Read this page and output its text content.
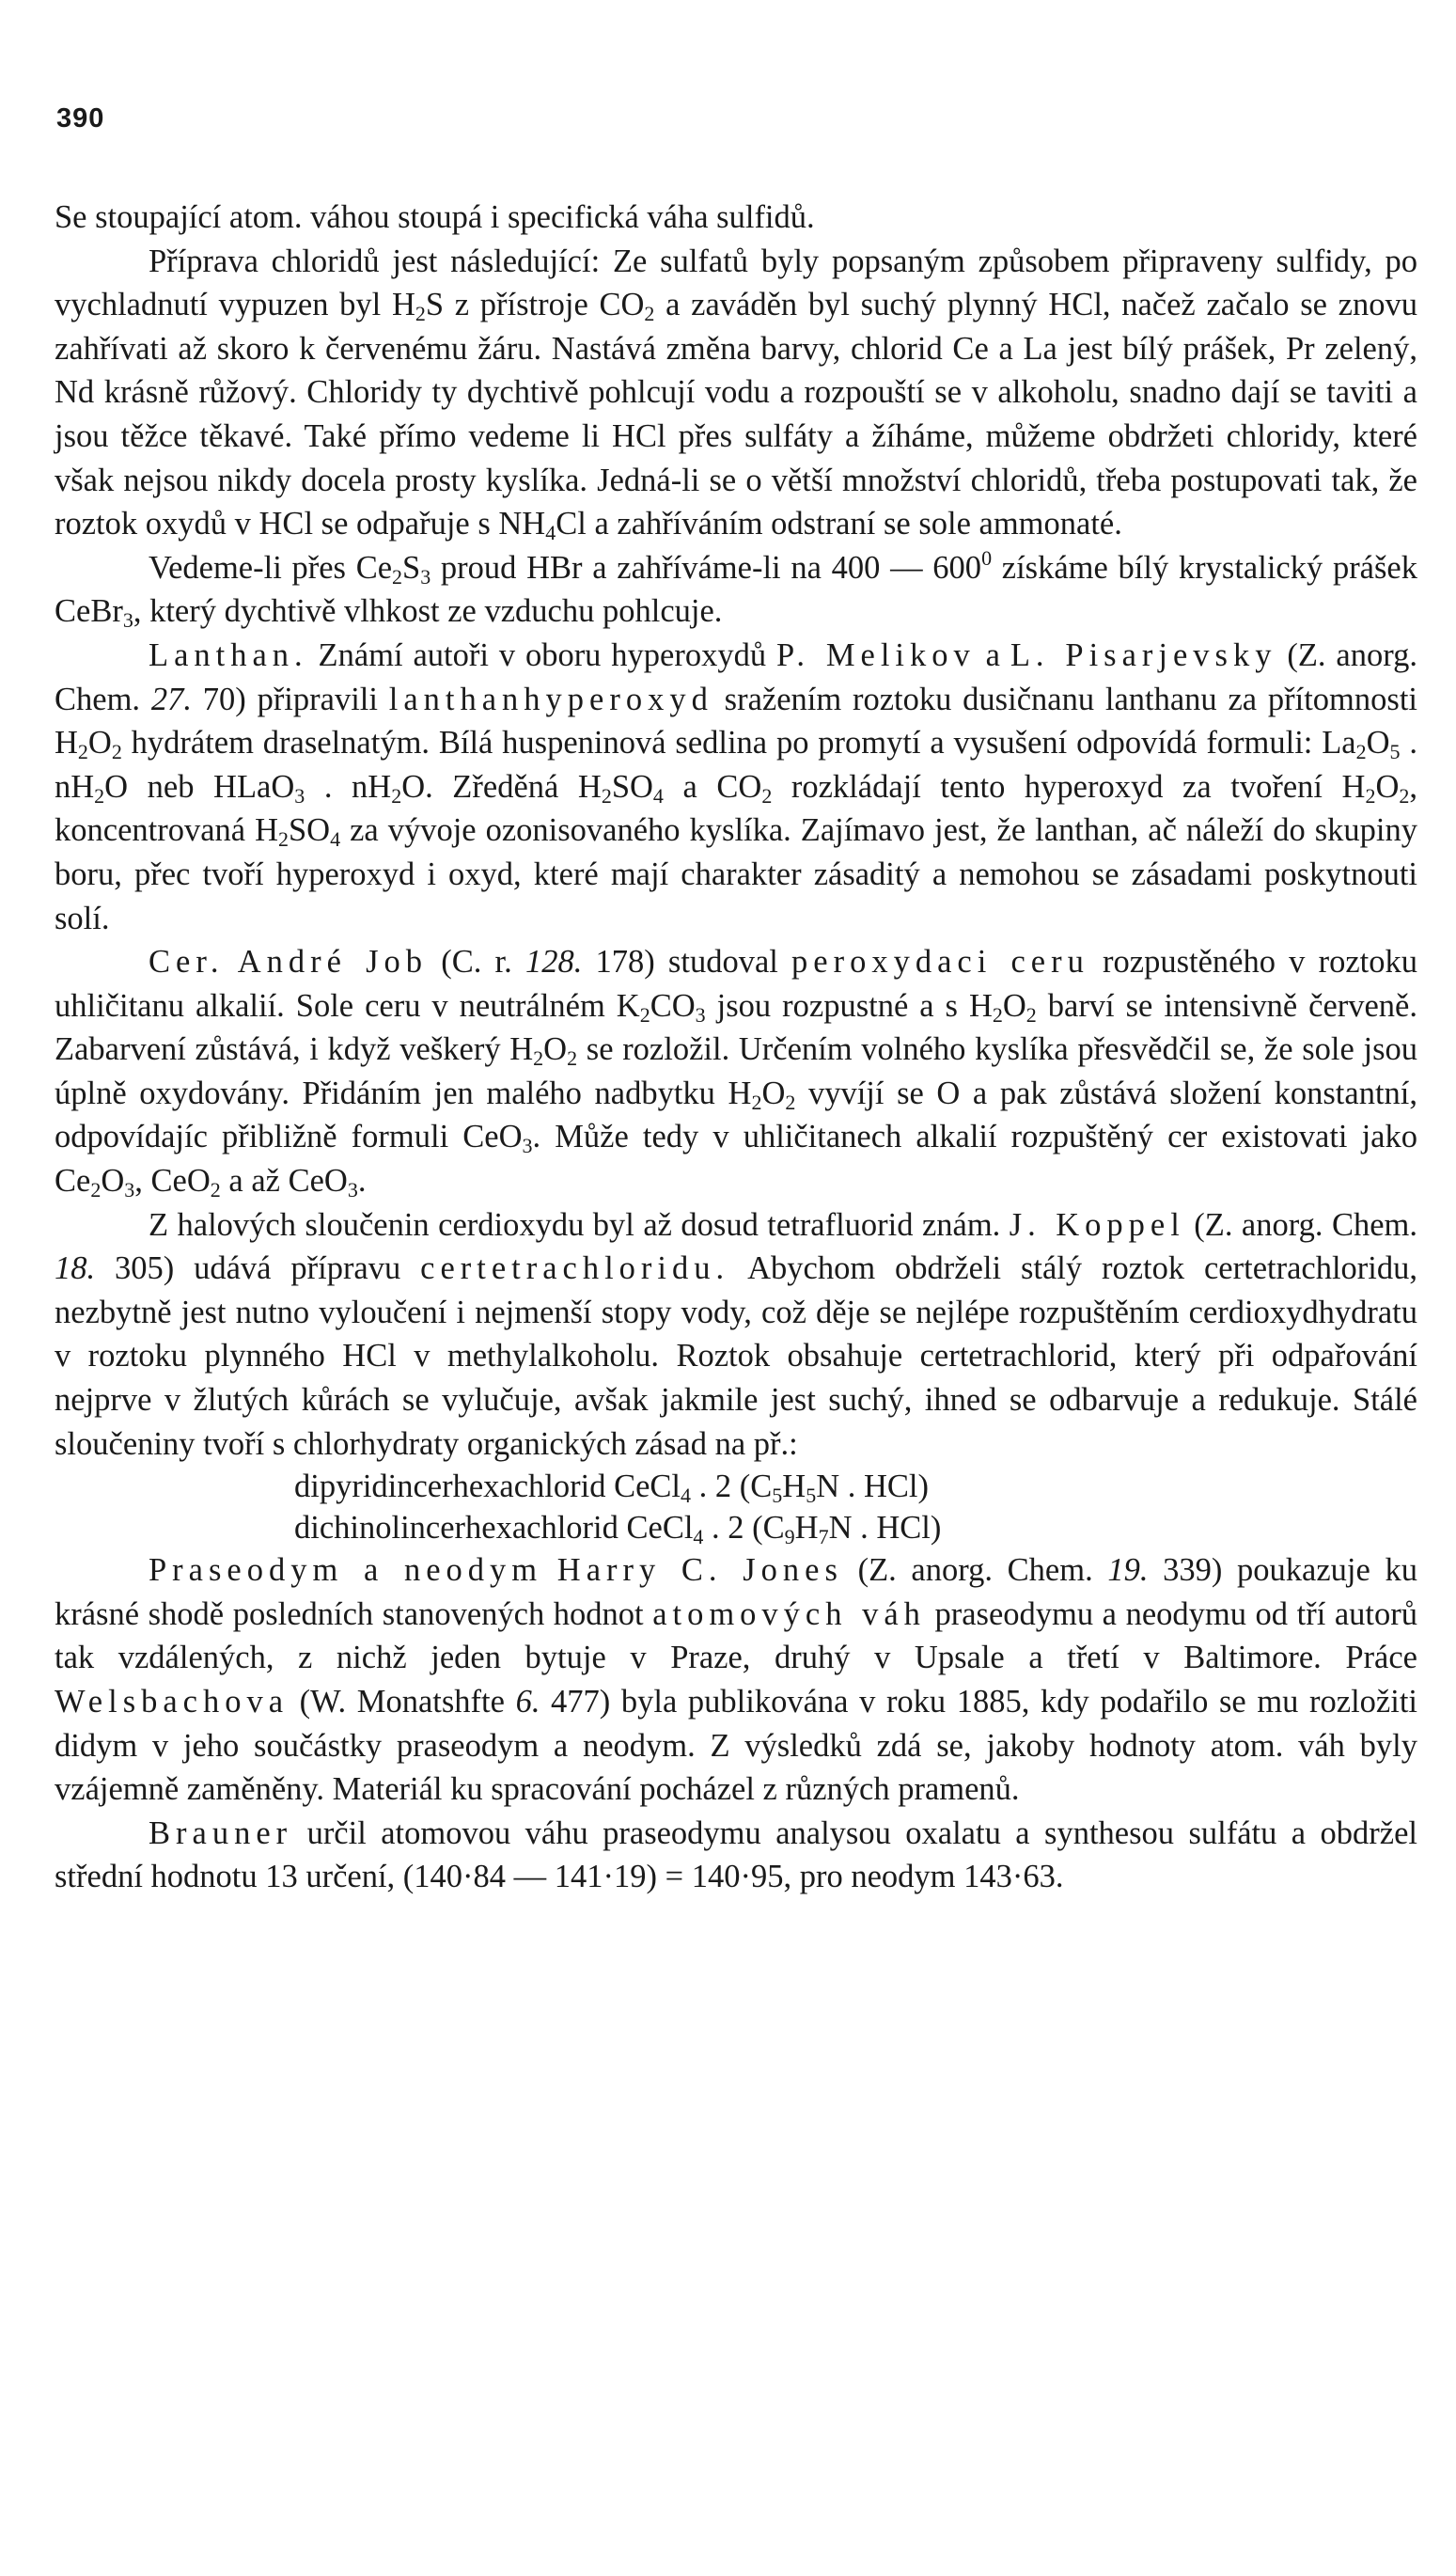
390

Se stoupající atom. váhou stoupá i specifická váha sulfidů.

Příprava chloridů jest následující: Ze sulfatů byly popsaným způsobem připraveny sulfidy, po vychladnutí vypuzen byl $H_2S$ z přístroje $CO_2$ a zaváděn byl suchý plynný HCl, načež začalo se znovu zahřívati až skoro k červenému žáru. Nastává změna barvy, chlorid Ce a La jest bílý prášek, Pr zelený, Nd krásně růžový. Chloridy ty dychtivě pohlcují vodu a rozpouští se v alkoholu, snadno dají se taviti a jsou těžce těkavé. Také přímo vedeme li HCl přes sulfáty a žíháme, můžeme obdržeti chloridy, které však nejsou nikdy docela prosty kyslíka. Jedná-li se o větší množství chloridů, třeba postupovati tak, že roztok oxydů v HCl se odpařuje s $NH_4Cl$ a zahříváním odstraní se sole ammonaté.

Vedeme-li přes $Ce_2S_3$ proud HBr a zahříváme-li na 400 — $600^0$ získáme bílý krystalický prášek CeBr$_3$, který dychtivě vlhkost ze vzduchu pohlcuje.

Lanthan. Známí autoři v oboru hyperoxydů P. Melikov a L. Pisarjevsky (Z. anorg. Chem. 27. 70) připravili lanthanhyperoxyd sražením roztoku dusičnanu lanthanu za přítomnosti $H_2O_2$ hydrátem draselnatým. Bílá huspeninová sedlina po promytí a vysušení odpovídá formuli: $La_2O_5$ . $nH_2O$ neb HLaO$_3$ . $nH_2O$. Zředěná $H_2SO_4$ a $CO_2$ rozkládají tento hyperoxyd za tvoření $H_2O_2$, koncentrovaná $H_2SO_4$ za vývoje ozonisovaného kyslíka. Zajímavo jest, že lanthan, ač náleží do skupiny boru, přec tvoří hyperoxyd i oxyd, které mají charakter zásaditý a nemohou se zásadami poskytnouti solí.

Cer. André Job (C. r. 128. 178) studoval peroxydaci ceru rozpustěného v roztoku uhličitanu alkalií. Sole ceru v neutrálném $K_2CO_3$ jsou rozpustné a s $H_2O_2$ barví se intensivně červeně. Zabarvení zůstává, i když veškerý $H_2O_2$ se rozložil. Určením volného kyslíka přesvědčil se, že sole jsou úplně oxydovány. Přidáním jen malého nadbytku $H_2O_2$ vyvíjí se O a pak zůstává složení konstantní, odpovídajíc přibližně formuli CeO$_3$. Může tedy v uhličitanech alkalií rozpuštěný cer existovati jako $Ce_2O_3$, CeO$_2$ a až CeO$_3$.

Z halových sloučenin cerdioxydu byl až dosud tetrafluorid znám. J. Koppel (Z. anorg. Chem. 18. 305) udává přípravu certetrachloridu. Abychom obdrželi stálý roztok certetrachloridu, nezbytně jest nutno vyloučení i nejmenší stopy vody, což děje se nejlépe rozpuštěním cerdioxydhydratu v roztoku plynného HCl v methylalkoholu. Roztok obsahuje certetrachlorid, který při odpařování nejprve v žlutých kůrách se vylučuje, avšak jakmile jest suchý, ihned se odbarvuje a redukuje. Stálé sloučeniny tvoří s chlorhydraty organických zásad na př.:

dipyridincerhexachlorid CeCl$_4$ . 2 ($C_5H_5N$ . HCl)

dichinolincerhexachlorid CeCl$_4$ . 2 ($C_9H_7N$ . HCl)

Praseodym a neodym Harry C. Jones (Z. anorg. Chem. 19. 339) poukazuje ku krásné shodě posledních stanovených hodnot atomových váh praseodymu a neodymu od tří autorů tak vzdálených, z nichž jeden bytuje v Praze, druhý v Upsale a třetí v Baltimore. Práce Welsbachova (W. Monatshfte 6. 477) byla publikována v roku 1885, kdy podařilo se mu rozložiti didym v jeho součástky praseodym a neodym. Z výsledků zdá se, jakoby hodnoty atom. váh byly vzájemně zaměněny. Materiál ku spracování pocházel z různých pramenů.

Brauner určil atomovou váhu praseodymu analysou oxalatu a synthesou sulfátu a obdržel střední hodnotu 13 určení, (140·84 — 141·19) = 140·95, pro neodym 143·63.
